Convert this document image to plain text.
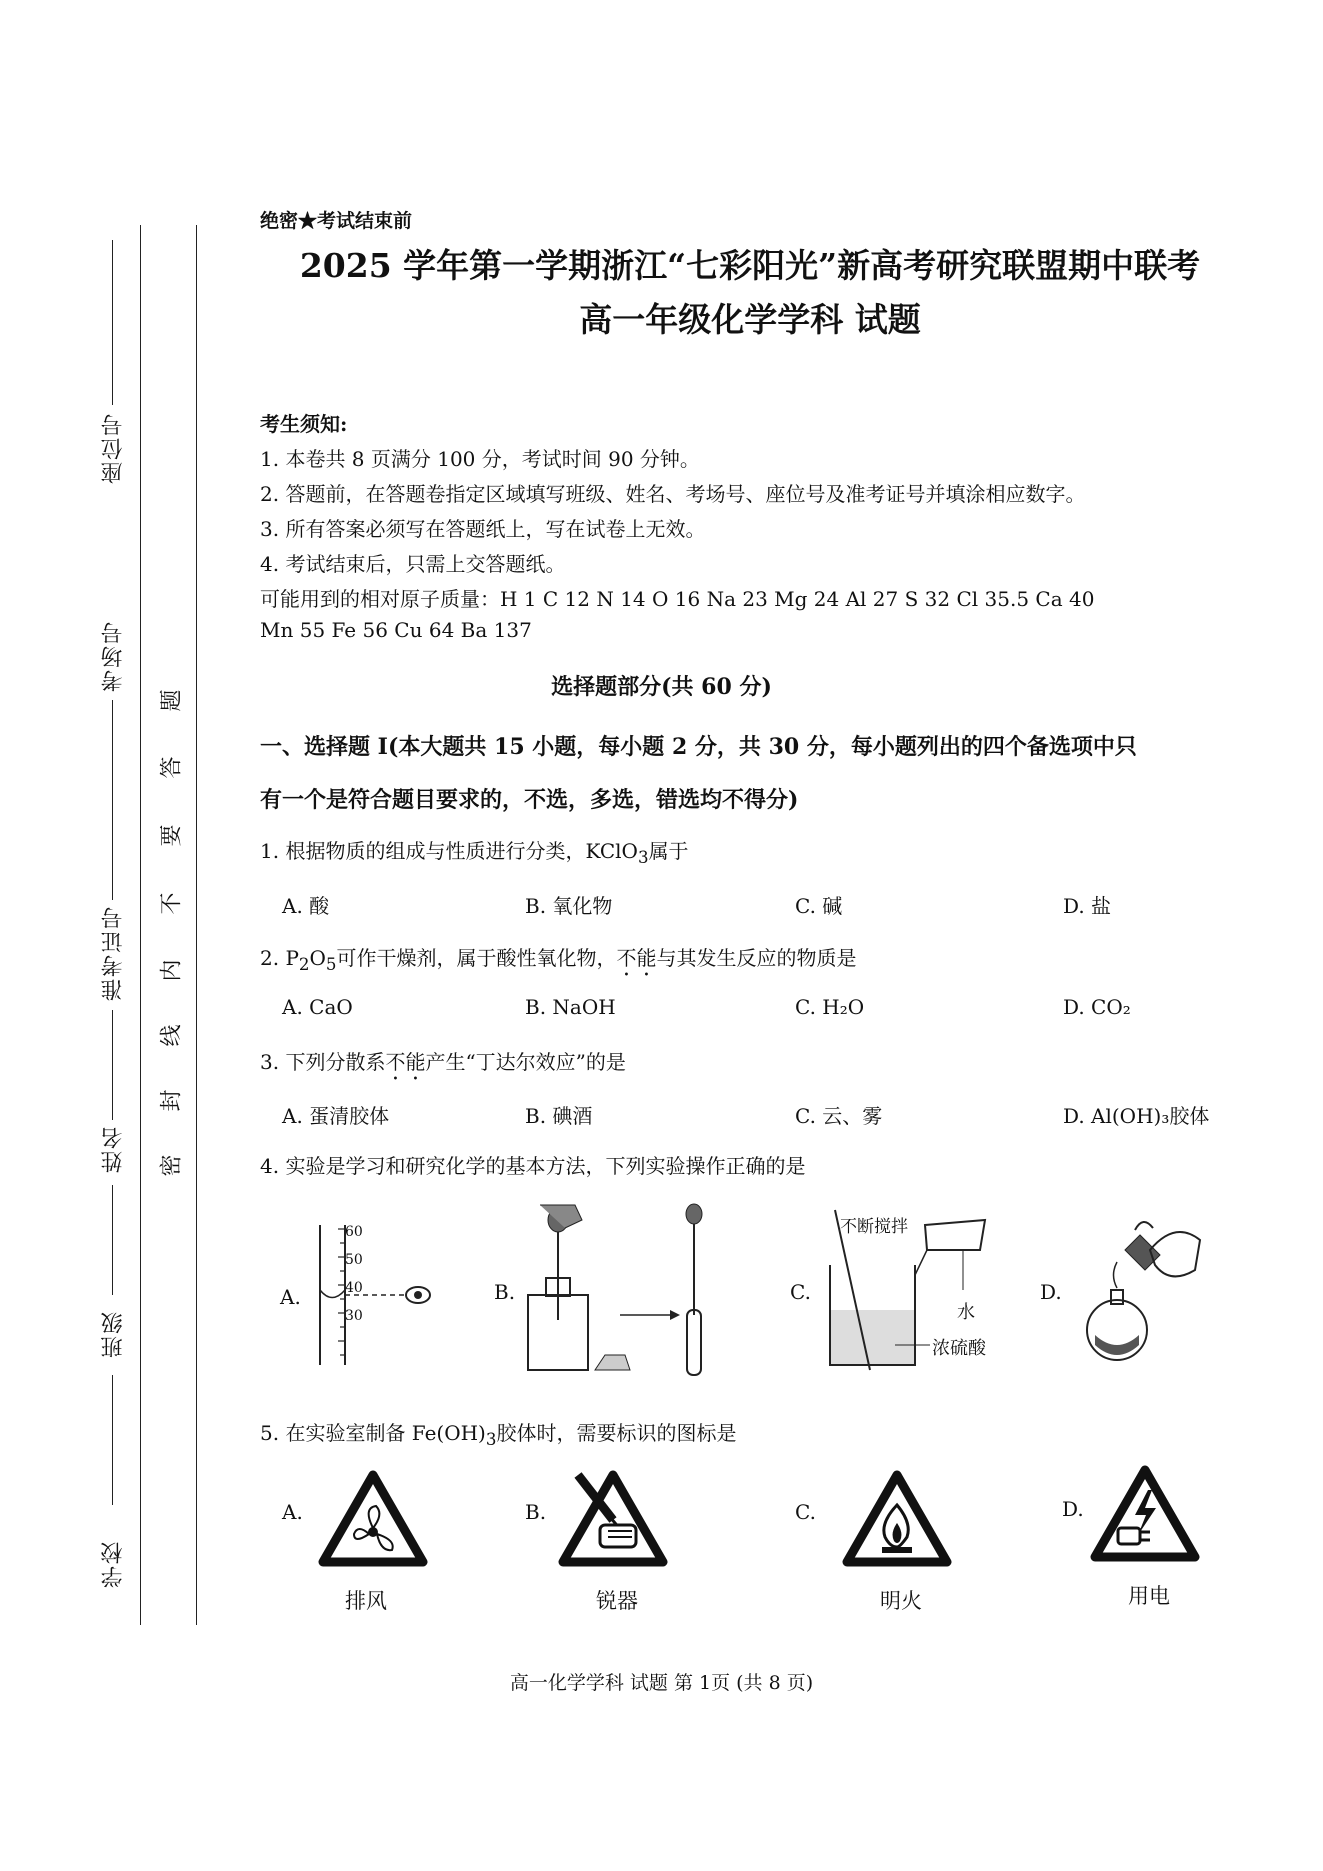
座位号
考场号
准考证号
姓名
班级
学校
密
封
线
内
不
要
答
题
绝密★考试结束前
2025 学年第一学期浙江“七彩阳光”新高考研究联盟期中联考
高一年级化学学科 试题
考生须知:
1. 本卷共 8 页满分 100 分，考试时间 90 分钟。
2. 答题前，在答题卷指定区域填写班级、姓名、考场号、座位号及准考证号并填涂相应数字。
3. 所有答案必须写在答题纸上，写在试卷上无效。
4. 考试结束后，只需上交答题纸。
可能用到的相对原子质量：H 1 C 12 N 14 O 16 Na 23 Mg 24 Al 27 S 32 Cl 35.5 Ca 40
Mn 55 Fe 56 Cu 64 Ba 137
选择题部分(共 60 分)
一、选择题 I(本大题共 15 小题，每小题 2 分，共 30 分，每小题列出的四个备选项中只
有一个是符合题目要求的，不选，多选，错选均不得分)
1. 根据物质的组成与性质进行分类，KClO$_3$属于
A. 酸	B. 氧化物	C. 碱	D. 盐
2. $P_2O_5$可作干燥剂，属于酸性氧化物，不能与其发生反应的物质是
A. CaO	B. NaOH	C. H₂O	D. CO₂
3. 下列分散系不能产生“丁达尔效应”的是
A. 蛋清胶体	B. 碘酒	C. 云、雾	D. Al(OH)₃胶体
4. 实验是学习和研究化学的基本方法，下列实验操作正确的是
A.
60
50
40
30
B.	C.
不断搅拌
水
浓硫酸
D.
5. 在实验室制备 $Fe(OH)_3$胶体时，需要标识的图标是
A.
排风
B.
锐器
C.
明火
D.
用电
高一化学学科 试题 第 1页 (共 8 页)
